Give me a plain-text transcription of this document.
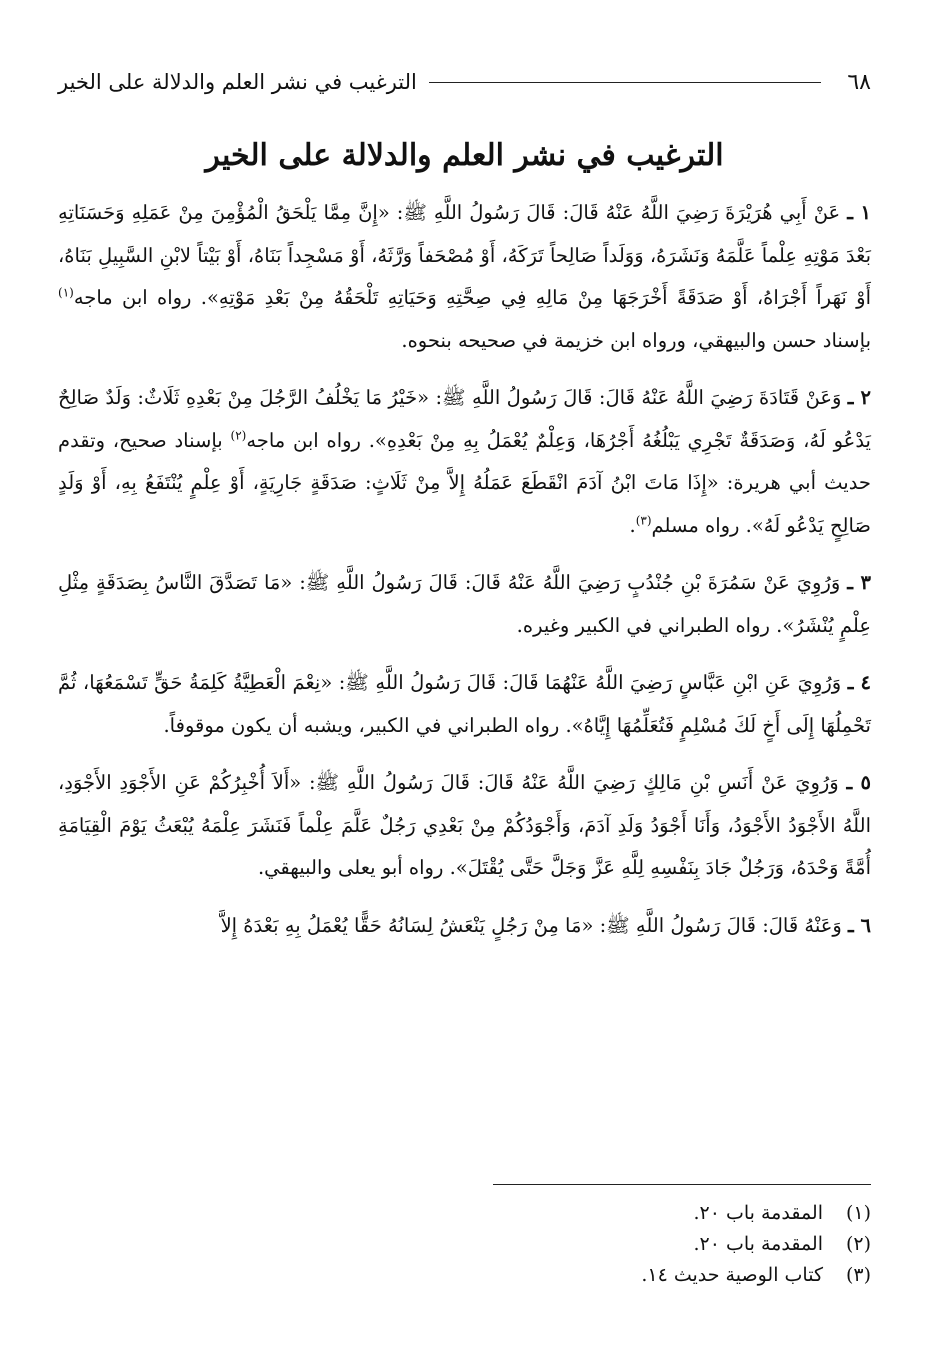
٦٨
الترغيب في نشر العلم والدلالة على الخير
الترغيب في نشر العلم والدلالة على الخير

١ ـ عَنْ أَبِي هُرَيْرَةَ رَضِيَ اللَّهُ عَنْهُ قَالَ: قَالَ رَسُولُ اللَّهِ ﷺ: «إِنَّ مِمَّا يَلْحَقُ الْمُؤْمِنَ مِنْ عَمَلِهِ وَحَسَنَاتِهِ بَعْدَ مَوْتِهِ عِلْماً عَلَّمَهُ وَنَشَرَهُ، وَوَلَداً صَالِحاً تَرَكَهُ، أَوْ مُصْحَفاً وَرَّثَهُ، أَوْ مَسْجِداً بَنَاهُ، أَوْ بَيْتاً لابْنِ السَّبِيلِ بَنَاهُ، أَوْ نَهَراً أَجْرَاهُ، أَوْ صَدَقَةً أَخْرَجَهَا مِنْ مَالِهِ فِي صِحَّتِهِ وَحَيَاتِهِ تَلْحَقُهُ مِنْ بَعْدِ مَوْتِهِ». رواه ابن ماجه$^{(١)}$ بإسناد حسن والبيهقي، ورواه ابن خزيمة في صحيحه بنحوه.

٢ ـ وَعَنْ قَتَادَةَ رَضِيَ اللَّهُ عَنْهُ قَالَ: قَالَ رَسُولُ اللَّهِ ﷺ: «خَيْرُ مَا يَخْلُفُ الرَّجُلَ مِنْ بَعْدِهِ ثَلَاثٌ: وَلَدٌ صَالِحٌ يَدْعُو لَهُ، وَصَدَقَةٌ تَجْرِي يَبْلُغُهُ أَجْرُهَا، وَعِلْمٌ يُعْمَلُ بِهِ مِنْ بَعْدِهِ». رواه ابن ماجه$^{(٢)}$ بإسناد صحيح، وتقدم حديث أبي هريرة: «إِذَا مَاتَ ابْنُ آدَمَ انْقَطَعَ عَمَلُهُ إِلاَّ مِنْ ثَلَاثٍ: صَدَقَةٍ جَارِيَةٍ، أَوْ عِلْمٍ يُنْتَفَعُ بِهِ، أَوْ وَلَدٍ صَالِحٍ يَدْعُو لَهُ». رواه مسلم$^{(٣)}$.

٣ ـ وَرُوِيَ عَنْ سَمُرَةَ بْنِ جُنْدُبٍ رَضِيَ اللَّهُ عَنْهُ قَالَ: قَالَ رَسُولُ اللَّهِ ﷺ: «مَا تَصَدَّقَ النَّاسُ بِصَدَقَةٍ مِثْلِ عِلْمٍ يُنْشَرُ». رواه الطبراني في الكبير وغيره.

٤ ـ وَرُوِيَ عَنِ ابْنِ عَبَّاسٍ رَضِيَ اللَّهُ عَنْهُمَا قَالَ: قَالَ رَسُولُ اللَّهِ ﷺ: «نِعْمَ الْعَطِيَّةُ كَلِمَةُ حَقٍّ تَسْمَعُهَا، ثُمَّ تَحْمِلُهَا إِلَى أَخٍ لَكَ مُسْلِمٍ فَتُعَلِّمُهَا إِيَّاهُ». رواه الطبراني في الكبير، ويشبه أن يكون موقوفاً.

٥ ـ وَرُوِيَ عَنْ أَنَسِ بْنِ مَالِكٍ رَضِيَ اللَّهُ عَنْهُ قَالَ: قَالَ رَسُولُ اللَّهِ ﷺ: «أَلاَ أُخْبِرُكُمْ عَنِ الأَجْوَدِ الأَجْوَدِ، اللَّهُ الأَجْوَدُ الأَجْوَدُ، وَأَنَا أَجْوَدُ وَلَدِ آدَمَ، وَأَجْوَدُكُمْ مِنْ بَعْدِي رَجُلٌ عَلَّمَ عِلْماً فَنَشَرَ عِلْمَهُ يُبْعَثُ يَوْمَ الْقِيَامَةِ أُمَّةً وَحْدَهُ، وَرَجُلٌ جَادَ بِنَفْسِهِ لِلَّهِ عَزَّ وَجَلَّ حَتَّى يُقْتَلَ». رواه أبو يعلى والبيهقي.

٦ ـ وَعَنْهُ قَالَ: قَالَ رَسُولُ اللَّهِ ﷺ: «مَا مِنْ رَجُلٍ يَنْعَشُ لِسَانُهُ حَقًّا يُعْمَلُ بِهِ بَعْدَهُ إِلاَّ

(١)المقدمة باب ٢٠.
(٢)المقدمة باب ٢٠.
(٣)كتاب الوصية حديث ١٤.
